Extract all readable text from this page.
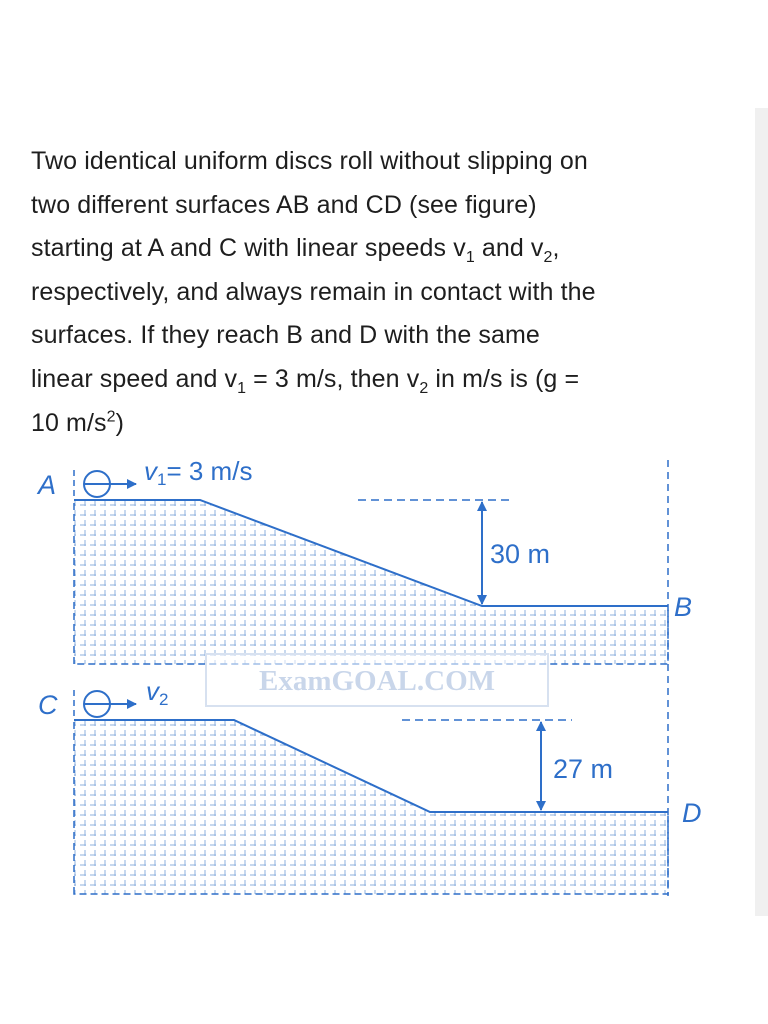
Two identical uniform discs roll without slipping on
two different surfaces AB and CD (see figure)
starting at A and C with linear speeds $v_1$ and $v_2$,
respectively, and always remain in contact with the
surfaces. If they reach B and D with the same
linear speed and $v_1 = 3$ m/s, then $v_2$ in m/s is (g =
10 $m/s^2$)
30 m
27 m
A	v1= 3 m/s
C	v2
B
D
ExamGOAL.COM
